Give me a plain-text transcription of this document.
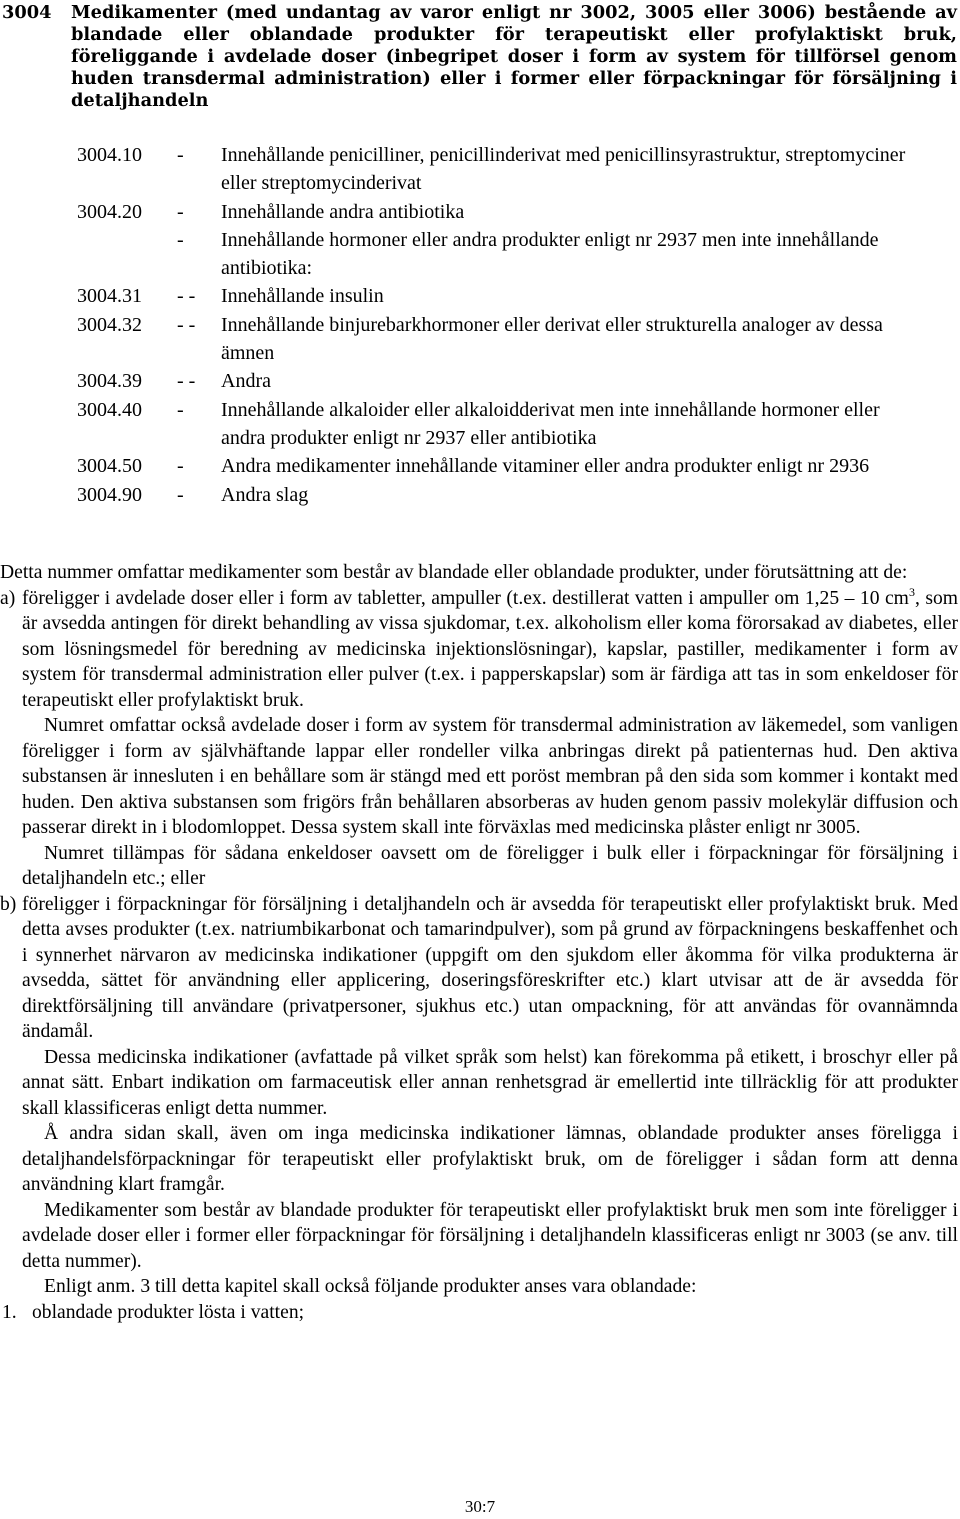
3004 Medikamenter (med undantag av varor enligt nr 3002, 3005 eller 3006) bestående av blandade eller oblandade produkter för terapeutiskt eller profylaktiskt bruk, föreliggande i avdelade doser (inbegripet doser i form av system för tillförsel genom huden transdermal administration) eller i former eller förpackningar för försäljning i detaljhandeln
3004.10 - Innehållande penicilliner, penicillinderivat med penicillinsyrastruktur, streptomyciner eller streptomycinderivat
3004.20 - Innehållande andra antibiotika
- Innehållande hormoner eller andra produkter enligt nr 2937 men inte innehållande antibiotika:
3004.31 - - Innehållande insulin
3004.32 - - Innehållande binjurebarkhormoner eller derivat eller strukturella analoger av dessa ämnen
3004.39 - - Andra
3004.40 - Innehållande alkaloider eller alkaloidderivat men inte innehållande hormoner eller andra produkter enligt nr 2937 eller antibiotika
3004.50 - Andra medikamenter innehållande vitaminer eller andra produkter enligt nr 2936
3004.90 - Andra slag

Detta nummer omfattar medikamenter som består av blandade eller oblandade produkter, under förutsättning att de:

a) föreligger i avdelade doser eller i form av tabletter, ampuller (t.ex. destillerat vatten i ampuller om 1,25 – 10 $cm^3$, som är avsedda antingen för direkt behandling av vissa sjukdomar, t.ex. alkoholism eller koma förorsakad av diabetes, eller som lösningsmedel för beredning av medicinska injektionslösningar), kapslar, pastiller, medikamenter i form av system för transdermal administration eller pulver (t.ex. i papperskapslar) som är färdiga att tas in som enkeldoser för terapeutiskt eller profylaktiskt bruk.

Numret omfattar också avdelade doser i form av system för transdermal administration av läkemedel, som vanligen föreligger i form av självhäftande lappar eller rondeller vilka anbringas direkt på patienternas hud. Den aktiva substansen är innesluten i en behållare som är stängd med ett poröst membran på den sida som kommer i kontakt med huden. Den aktiva substansen som frigörs från behållaren absorberas av huden genom passiv molekylär diffusion och passerar direkt in i blodomloppet. Dessa system skall inte förväxlas med medicinska plåster enligt nr 3005.

Numret tillämpas för sådana enkeldoser oavsett om de föreligger i bulk eller i förpackningar för försäljning i detaljhandeln etc.; eller

b) föreligger i förpackningar för försäljning i detaljhandeln och är avsedda för terapeutiskt eller profylaktiskt bruk. Med detta avses produkter (t.ex. natriumbikarbonat och tamarindpulver), som på grund av förpackningens beskaffenhet och i synnerhet närvaron av medicinska indikationer (uppgift om den sjukdom eller åkomma för vilka produkterna är avsedda, sättet för användning eller applicering, doseringsföreskrifter etc.) klart utvisar att de är avsedda för direktförsäljning till användare (privatpersoner, sjukhus etc.) utan ompackning, för att användas för ovannämnda ändamål.

Dessa medicinska indikationer (avfattade på vilket språk som helst) kan förekomma på etikett, i broschyr eller på annat sätt. Enbart indikation om farmaceutisk eller annan renhetsgrad är emellertid inte tillräcklig för att produkter skall klassificeras enligt detta nummer.

Å andra sidan skall, även om inga medicinska indikationer lämnas, oblandade produkter anses föreligga i detaljhandelsförpackningar för terapeutiskt eller profylaktiskt bruk, om de föreligger i sådan form att denna användning klart framgår.

Medikamenter som består av blandade produkter för terapeutiskt eller profylaktiskt bruk men som inte föreligger i avdelade doser eller i former eller förpackningar för försäljning i detaljhandeln klassificeras enligt nr 3003 (se anv. till detta nummer).

Enligt anm. 3 till detta kapitel skall också följande produkter anses vara oblandade:

1. oblandade produkter lösta i vatten;

30:7
